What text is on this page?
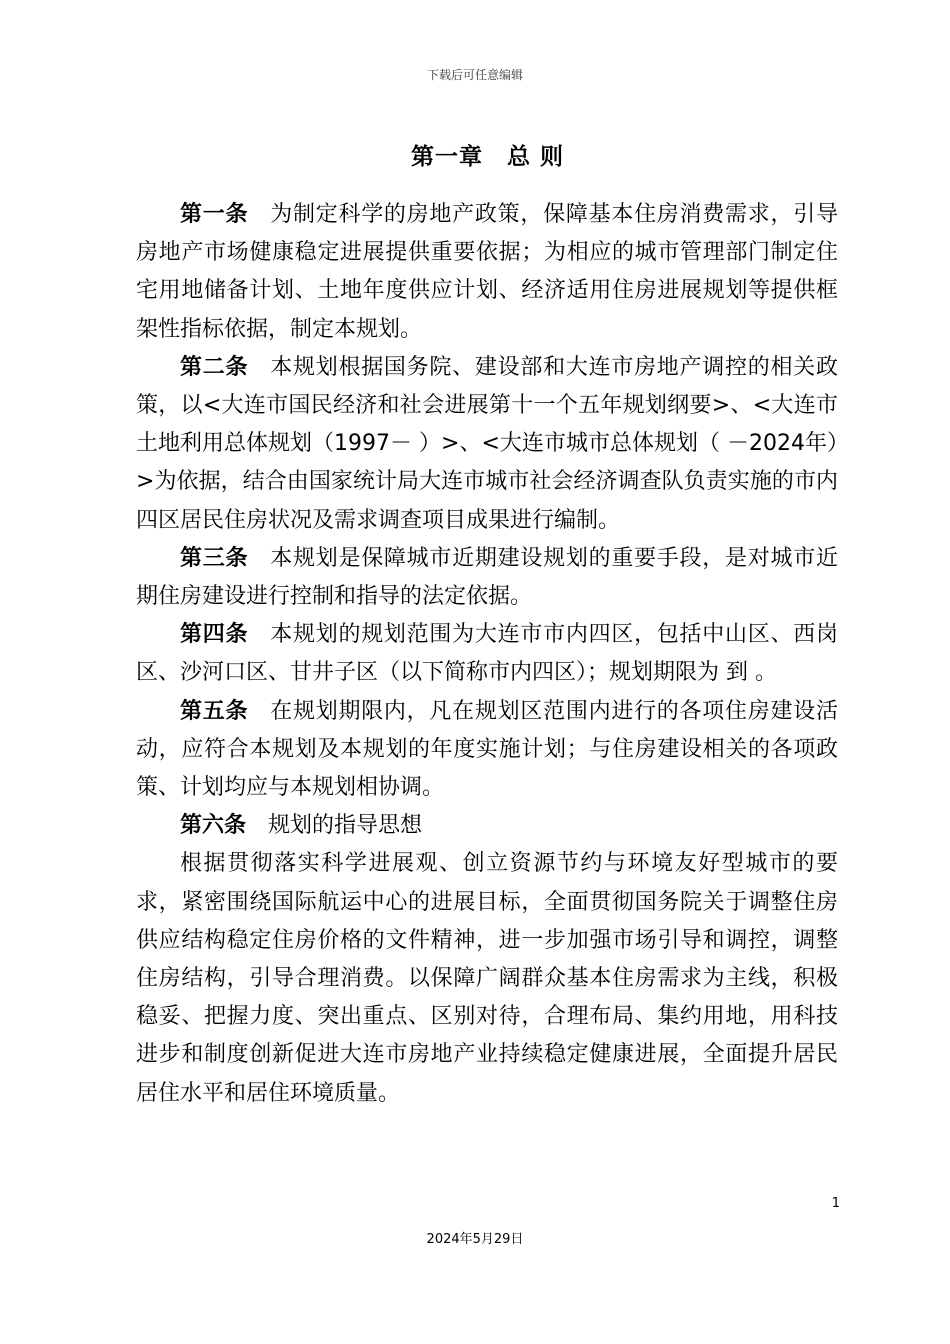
下载后可任意编辑
第一章　总 则

第一条 为制定科学的房地产政策，保障基本住房消费需求，引导房地产市场健康稳定进展提供重要依据；为相应的城市管理部门制定住宅用地储备计划、土地年度供应计划、经济适用住房进展规划等提供框架性指标依据，制定本规划。

第二条 本规划根据国务院、建设部和大连市房地产调控的相关政策，以<大连市国民经济和社会进展第十一个五年规划纲要>、<大连市土地利用总体规划（1997－ ）>、<大连市城市总体规划（ －2024年）>为依据，结合由国家统计局大连市城市社会经济调查队负责实施的市内四区居民住房状况及需求调查项目成果进行编制。

第三条 本规划是保障城市近期建设规划的重要手段，是对城市近期住房建设进行控制和指导的法定依据。

第四条 本规划的规划范围为大连市市内四区，包括中山区、西岗区、沙河口区、甘井子区（以下简称市内四区）；规划期限为 到 。

第五条 在规划期限内，凡在规划区范围内进行的各项住房建设活动，应符合本规划及本规划的年度实施计划；与住房建设相关的各项政策、计划均应与本规划相协调。

第六条 规划的指导思想

根据贯彻落实科学进展观、创立资源节约与环境友好型城市的要求，紧密围绕国际航运中心的进展目标，全面贯彻国务院关于调整住房供应结构稳定住房价格的文件精神，进一步加强市场引导和调控，调整住房结构，引导合理消费。以保障广阔群众基本住房需求为主线，积极稳妥、把握力度、突出重点、区别对待，合理布局、集约用地，用科技进步和制度创新促进大连市房地产业持续稳定健康进展，全面提升居民居住水平和居住环境质量。

1
2024年5月29日
